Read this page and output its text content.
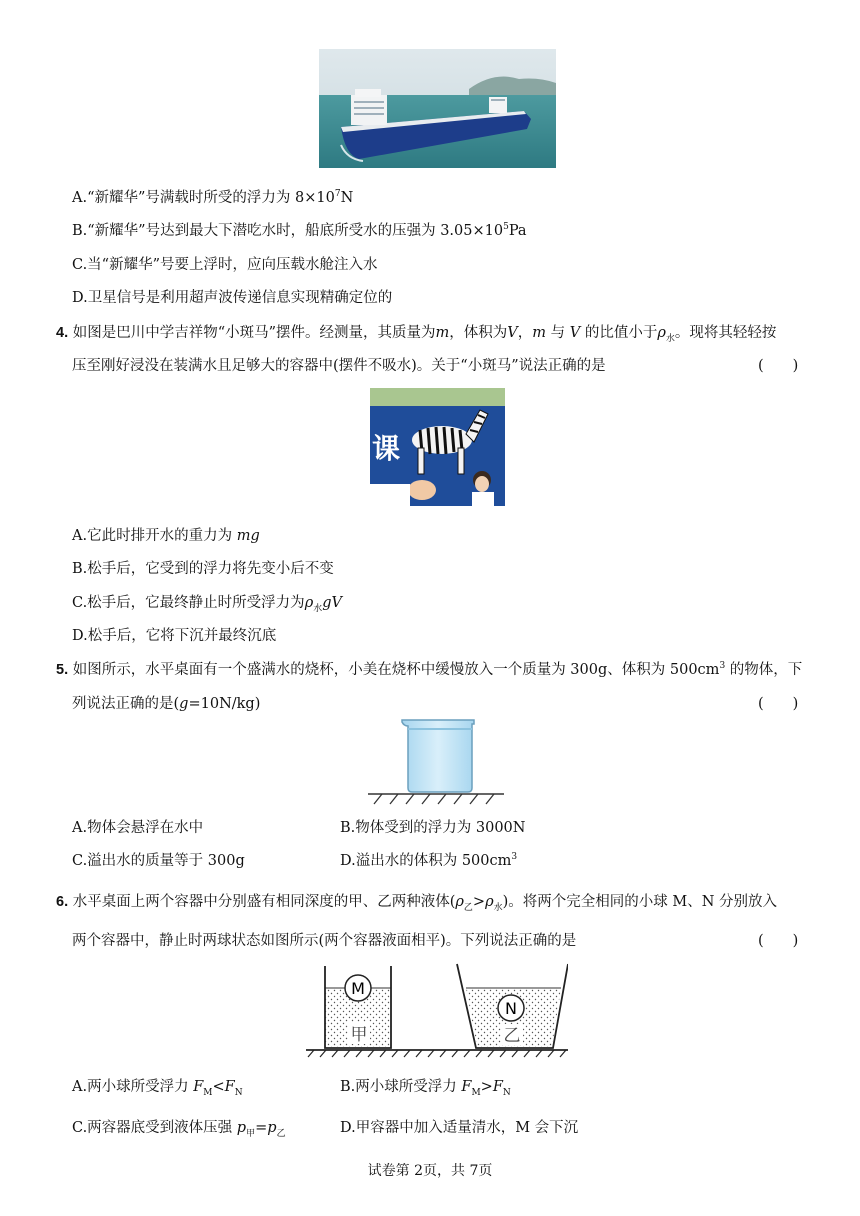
A.“新耀华”号满载时所受的浮力为 $8\times 10^7N$
B.“新耀华”号达到最大下潜吃水时，船底所受水的压强为 $3.05\times 10^5Pa$
C.当“新耀华”号要上浮时，应向压载水舱注入水
D.卫星信号是利用超声波传递信息实现精确定位的
4. 如图是巴川中学吉祥物“小斑马”摆件。经测量，其质量为m，体积为V，m 与 V 的比值小于$\rho_水$。现将其轻轻按
压至刚好浸没在装满水且足够大的容器中(摆件不吸水)。关于“小斑马”说法正确的是	(　　)
课
A.它此时排开水的重力为 mg
B.松手后，它受到的浮力将先变小后不变
C.松手后，它最终静止时所受浮力为$\rho_水gV$
D.松手后，它将下沉并最终沉底
5. 如图所示，水平桌面有一个盛满水的烧杯，小美在烧杯中缓慢放入一个质量为 300g、体积为 $500cm^3$ 的物体，下
列说法正确的是(g=10N/kg)	(　　)
A.物体会悬浮在水中	B.物体受到的浮力为 3000N
C.溢出水的质量等于 300g	D.溢出水的体积为 $500cm^3$
6. 水平桌面上两个容器中分别盛有相同深度的甲、乙两种液体$(\rho_乙>\rho_水)$。将两个完全相同的小球 M、N 分别放入
两个容器中，静止时两球状态如图所示(两个容器液面相平)。下列说法正确的是	(　　)
M
甲
N
乙
A.两小球所受浮力 $F_M<F_N$	B.两小球所受浮力 $F_M>F_N$
C.两容器底受到液体压强 $p_甲=p_乙$	D.甲容器中加入适量清水，M 会下沉
试卷第 2页，共 7页
